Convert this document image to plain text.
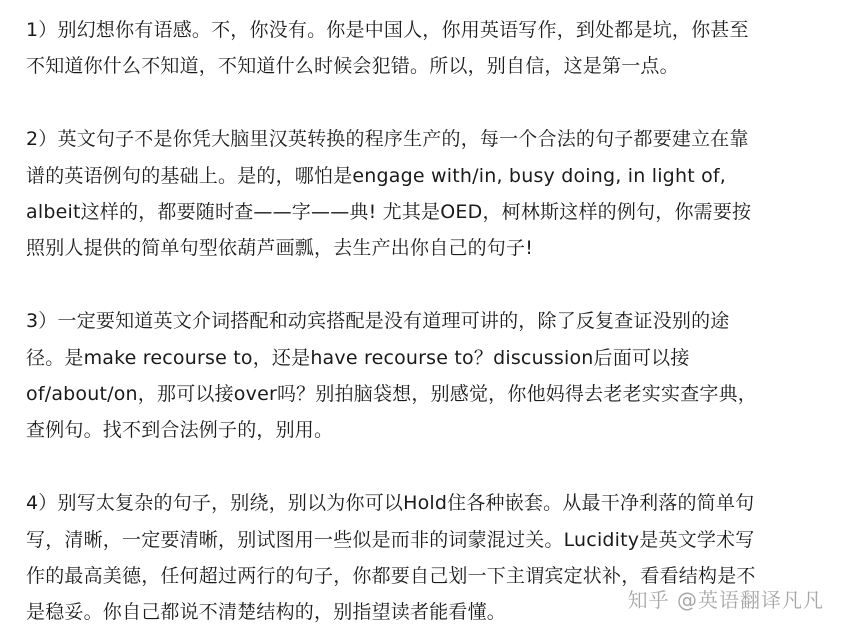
1）别幻想你有语感。不，你没有。你是中国人，你用英语写作，到处都是坑，你甚至
不知道你什么不知道，不知道什么时候会犯错。所以，别自信，这是第一点。

2）英文句子不是你凭大脑里汉英转换的程序生产的，每一个合法的句子都要建立在靠
谱的英语例句的基础上。是的，哪怕是engage with/in, busy doing, in light of,
albeit这样的，都要随时查——字——典! 尤其是OED，柯林斯这样的例句，你需要按
照别人提供的简单句型依葫芦画瓢，去生产出你自己的句子!

3）一定要知道英文介词搭配和动宾搭配是没有道理可讲的，除了反复查证没别的途
径。是make recourse to，还是have recourse to？discussion后面可以接
of/about/on，那可以接over吗？别拍脑袋想，别感觉，你他妈得去老老实实查字典，
查例句。找不到合法例子的，别用。

4）别写太复杂的句子，别绕，别以为你可以Hold住各种嵌套。从最干净利落的简单句
写，清晰，一定要清晰，别试图用一些似是而非的词蒙混过关。Lucidity是英文学术写
作的最高美德，任何超过两行的句子，你都要自己划一下主谓宾定状补，看看结构是不
是稳妥。你自己都说不清楚结构的，别指望读者能看懂。

知乎 @英语翻译凡凡
